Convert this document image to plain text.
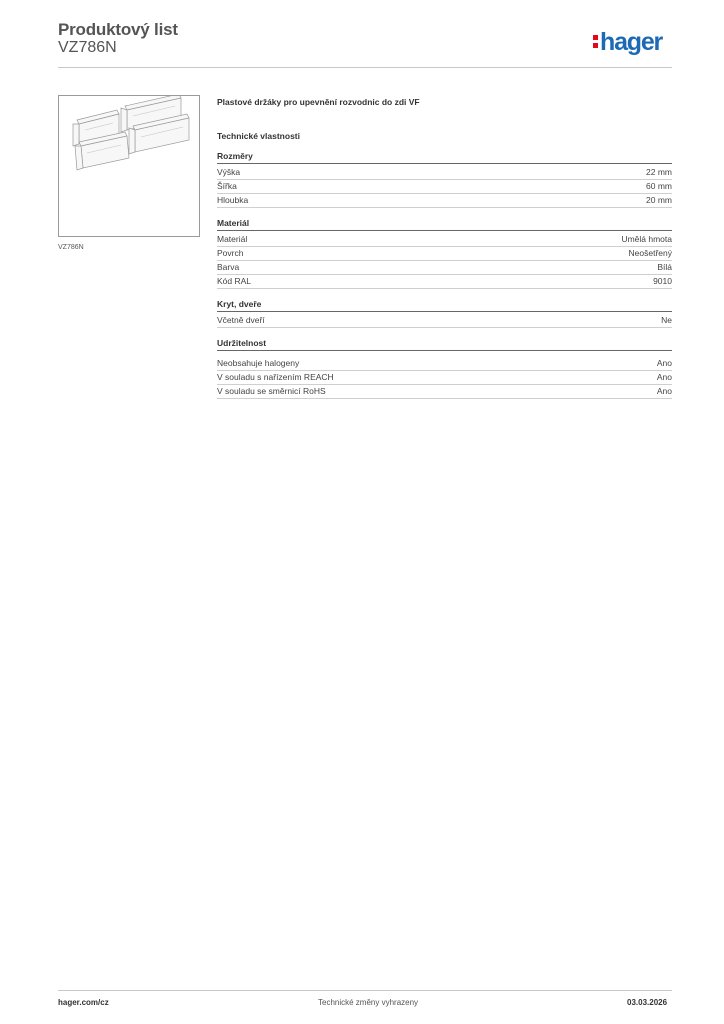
Produktový list
VZ786N	hager
VZ786N
Plastové držáky pro upevnění rozvodnic do zdi VF
Technické vlastnosti
Rozměry
Výška	22 mm
Šířka	60 mm
Hloubka	20 mm
Materiál
Materiál	Umělá hmota
Povrch	Neošetřený
Barva	Bílá
Kód RAL	9010
Kryt, dveře
Včetně dveří	Ne
Udržitelnost
Neobsahuje halogeny	Ano
V souladu s nařízením REACH	Ano
V souladu se směrnicí RoHS	Ano
hager.com/cz	Technické změny vyhrazeny	03.03.2026
